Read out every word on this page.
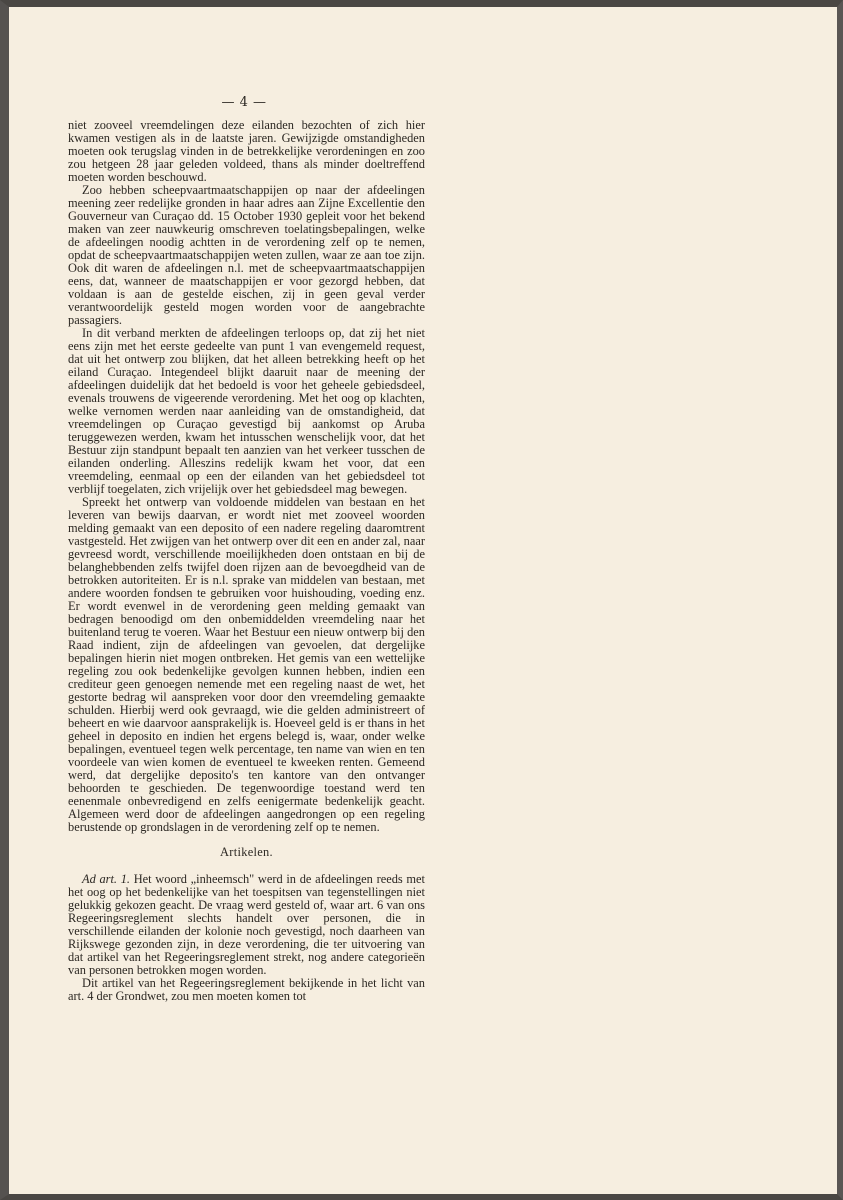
— 4 —

niet zooveel vreemdelingen deze eilanden bezochten of zich hier kwamen vestigen als in de laatste jaren. Gewijzigde omstandigheden moeten ook terugslag vinden in de betrekkelijke verordeningen en zoo zou hetgeen 28 jaar geleden voldeed, thans als minder doeltreffend moeten worden beschouwd.

Zoo hebben scheepvaartmaatschappijen op naar der afdeelingen meening zeer redelijke gronden in haar adres aan Zijne Excellentie den Gouverneur van Curaçao dd. 15 October 1930 gepleit voor het bekend maken van zeer nauwkeurig omschreven toelatingsbepalingen, welke de afdeelingen noodig achtten in de verordening zelf op te nemen, opdat de scheepvaartmaatschappijen weten zullen, waar ze aan toe zijn. Ook dit waren de afdeelingen n.l. met de scheepvaartmaatschappijen eens, dat, wanneer de maatschappijen er voor gezorgd hebben, dat voldaan is aan de gestelde eischen, zij in geen geval verder verantwoordelijk gesteld mogen worden voor de aangebrachte passagiers.

In dit verband merkten de afdeelingen terloops op, dat zij het niet eens zijn met het eerste gedeelte van punt 1 van evengemeld request, dat uit het ontwerp zou blijken, dat het alleen betrekking heeft op het eiland Curaçao. Integendeel blijkt daaruit naar de meening der afdeelingen duidelijk dat het bedoeld is voor het geheele gebiedsdeel, evenals trouwens de vigeerende verordening. Met het oog op klachten, welke vernomen werden naar aanleiding van de omstandigheid, dat vreemdelingen op Curaçao gevestigd bij aankomst op Aruba teruggewezen werden, kwam het intusschen wenschelijk voor, dat het Bestuur zijn standpunt bepaalt ten aanzien van het verkeer tusschen de eilanden onderling. Alleszins redelijk kwam het voor, dat een vreemdeling, eenmaal op een der eilanden van het gebiedsdeel tot verblijf toegelaten, zich vrijelijk over het gebiedsdeel mag bewegen.

Spreekt het ontwerp van voldoende middelen van bestaan en het leveren van bewijs daarvan, er wordt niet met zooveel woorden melding gemaakt van een deposito of een nadere regeling daaromtrent vastgesteld. Het zwijgen van het ontwerp over dit een en ander zal, naar gevreesd wordt, verschillende moeilijkheden doen ontstaan en bij de belanghebbenden zelfs twijfel doen rijzen aan de bevoegdheid van de betrokken autoriteiten. Er is n.l. sprake van middelen van bestaan, met andere woorden fondsen te gebruiken voor huishouding, voeding enz. Er wordt evenwel in de verordening geen melding gemaakt van bedragen benoodigd om den onbemiddelden vreemdeling naar het buitenland terug te voeren. Waar het Bestuur een nieuw ontwerp bij den Raad indient, zijn de afdeelingen van gevoelen, dat dergelijke bepalingen hierin niet mogen ontbreken. Het gemis van een wettelijke regeling zou ook bedenkelijke gevolgen kunnen hebben, indien een crediteur geen genoegen nemende met een regeling naast de wet, het gestorte bedrag wil aanspreken voor door den vreemdeling gemaakte schulden. Hierbij werd ook gevraagd, wie die gelden administreert of beheert en wie daarvoor aansprakelijk is. Hoeveel geld is er thans in het geheel in deposito en indien het ergens belegd is, waar, onder welke bepalingen, eventueel tegen welk percentage, ten name van wien en ten voordeele van wien komen de eventueel te kweeken renten. Gemeend werd, dat dergelijke deposito's ten kantore van den ontvanger behoorden te geschieden. De tegenwoordige toestand werd ten eenenmale onbevredigend en zelfs eenigermate bedenkelijk geacht. Algemeen werd door de afdeelingen aangedrongen op een regeling berustende op grondslagen in de verordening zelf op te nemen.

Artikelen.

Ad art. 1. Het woord „inheemsch" werd in de afdeelingen reeds met het oog op het bedenkelijke van het toespitsen van tegenstellingen niet gelukkig gekozen geacht. De vraag werd gesteld of, waar art. 6 van ons Regeeringsreglement slechts handelt over personen, die in verschillende eilanden der kolonie noch gevestigd, noch daarheen van Rijkswege gezonden zijn, in deze verordening, die ter uitvoering van dat artikel van het Regeeringsreglement strekt, nog andere categorieën van personen betrokken mogen worden.

Dit artikel van het Regeeringsreglement bekijkende in het licht van art. 4 der Grondwet, zou men moeten komen tot
